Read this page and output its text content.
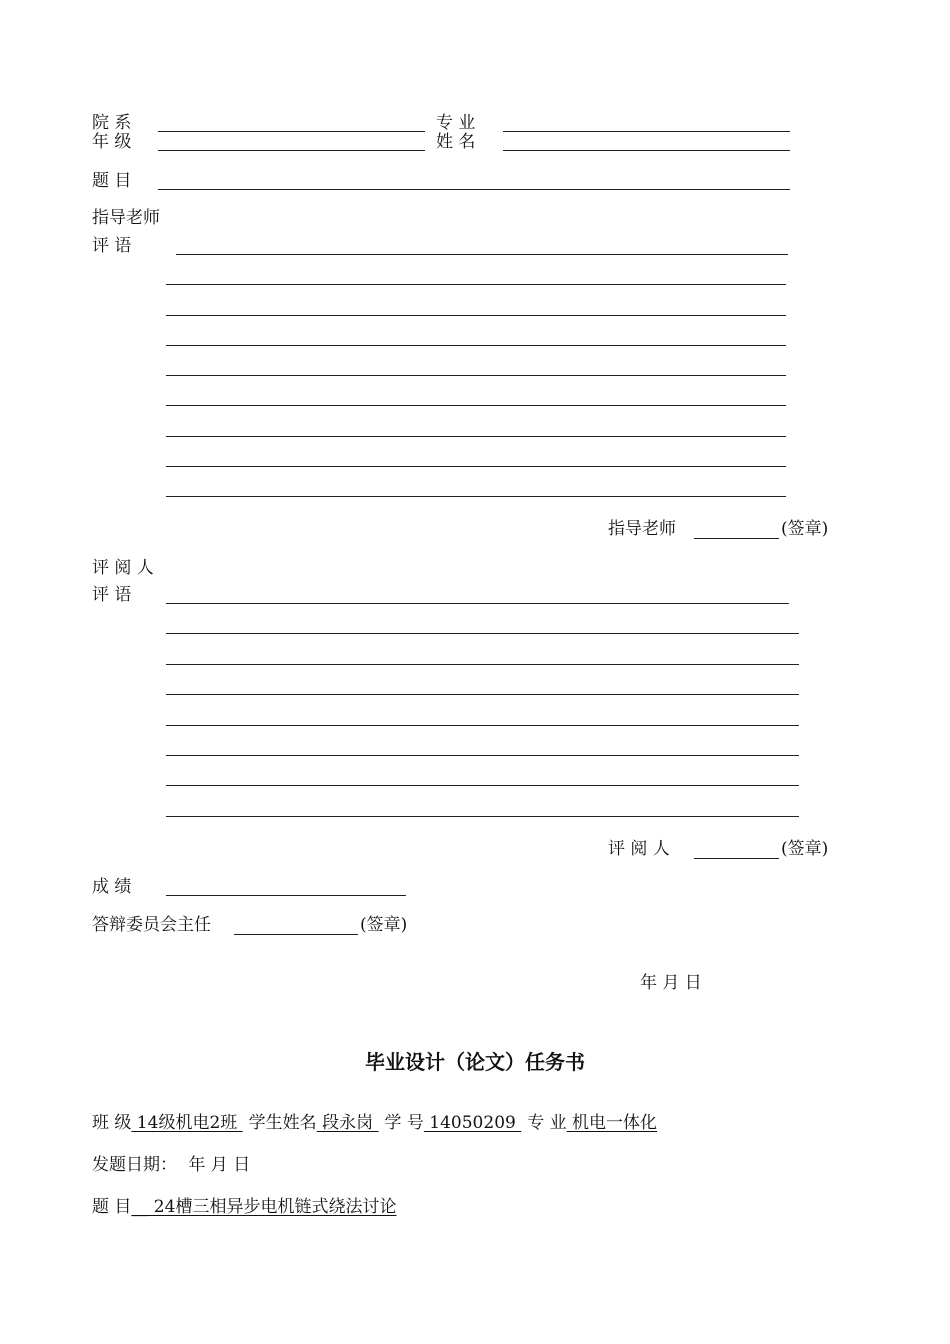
院 系	专 业
年 级	姓 名
题 目
指导老师
评 语
指导老师	(签章)
评 阅 人
评 语
评 阅 人	(签章)
成 绩
答辩委员会主任	(签章)
年 月 日
毕业设计（论文）任务书
班 级 14级机电2班 学生姓名 段永岗 学 号 14050209 专 业 机电一体化
发题日期： 年 月 日
题 目__ 24槽三相异步电机链式绕法讨论
